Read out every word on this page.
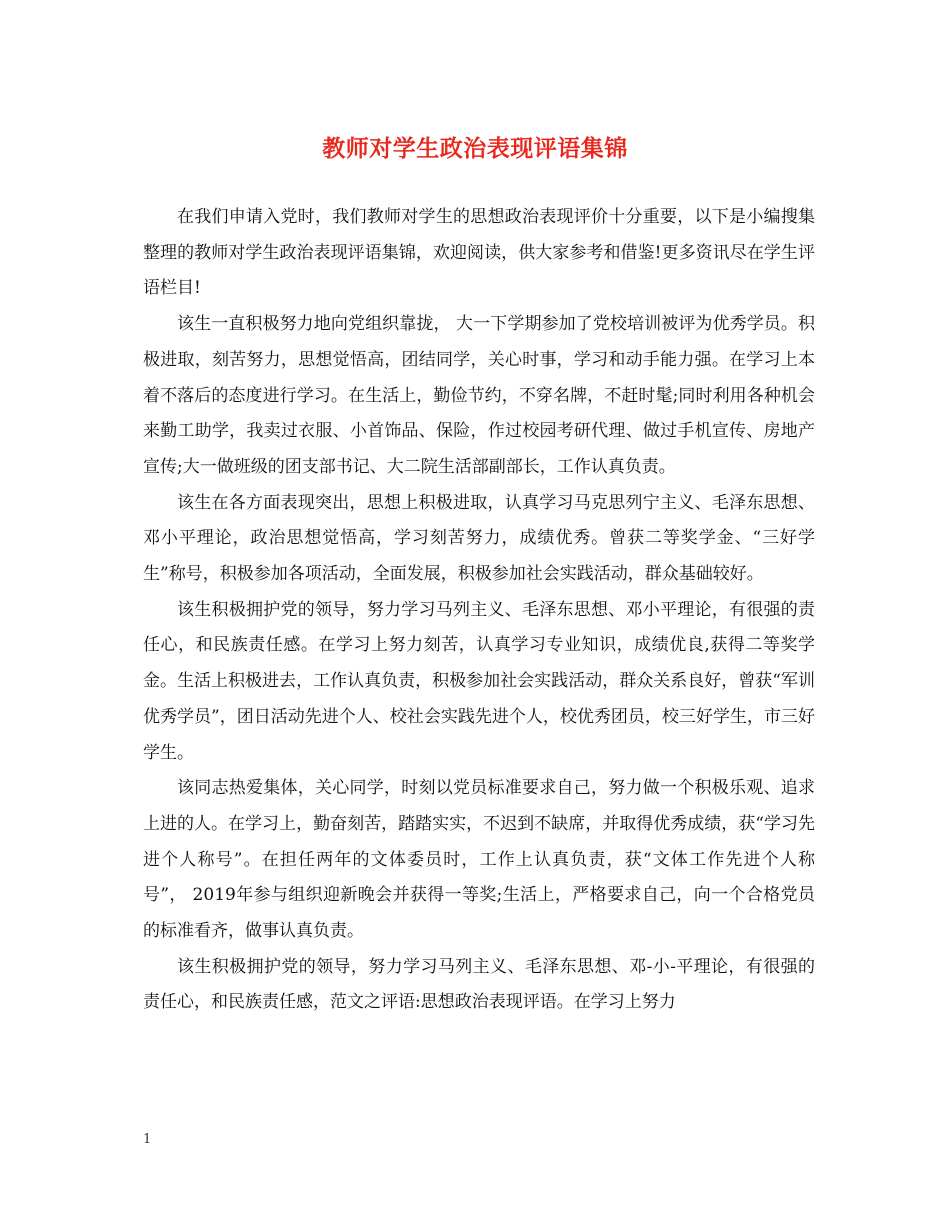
教师对学生政治表现评语集锦

在我们申请入党时，我们教师对学生的思想政治表现评价十分重要，以下是小编搜集整理的教师对学生政治表现评语集锦，欢迎阅读，供大家参考和借鉴!更多资讯尽在学生评语栏目!

该生一直积极努力地向党组织靠拢， 大一下学期参加了党校培训被评为优秀学员。积极进取，刻苦努力，思想觉悟高，团结同学，关心时事，学习和动手能力强。在学习上本着不落后的态度进行学习。在生活上，勤俭节约，不穿名牌，不赶时髦;同时利用各种机会来勤工助学，我卖过衣服、小首饰品、保险，作过校园考研代理、做过手机宣传、房地产宣传;大一做班级的团支部书记、大二院生活部副部长，工作认真负责。

该生在各方面表现突出，思想上积极进取，认真学习马克思列宁主义、毛泽东思想、邓小平理论，政治思想觉悟高，学习刻苦努力，成绩优秀。曾获二等奖学金、“三好学生”称号，积极参加各项活动，全面发展，积极参加社会实践活动，群众基础较好。

该生积极拥护党的领导，努力学习马列主义、毛泽东思想、邓小平理论，有很强的责任心，和民族责任感。在学习上努力刻苦，认真学习专业知识，成绩优良,获得二等奖学金。生活上积极进去，工作认真负责，积极参加社会实践活动，群众关系良好，曾获“军训优秀学员”，团日活动先进个人、校社会实践先进个人，校优秀团员，校三好学生，市三好学生。

该同志热爱集体，关心同学，时刻以党员标准要求自己，努力做一个积极乐观、追求上进的人。在学习上，勤奋刻苦，踏踏实实，不迟到不缺席，并取得优秀成绩，获“学习先进个人称号”。在担任两年的文体委员时，工作上认真负责，获“文体工作先进个人称号”， 2019年参与组织迎新晚会并获得一等奖;生活上，严格要求自己，向一个合格党员的标准看齐，做事认真负责。

该生积极拥护党的领导，努力学习马列主义、毛泽东思想、邓-小-平理论，有很强的责任心，和民族责任感，范文之评语:思想政治表现评语。在学习上努力

1
